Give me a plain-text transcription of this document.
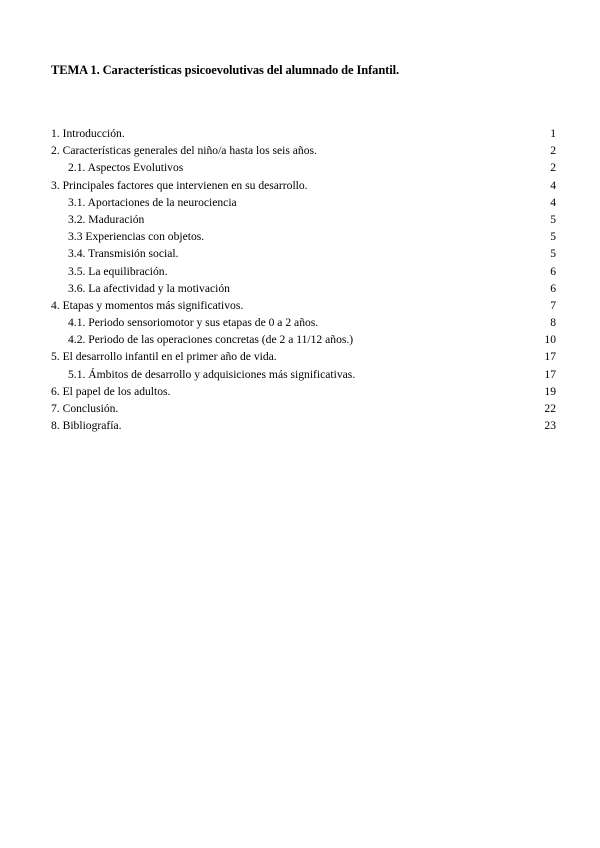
TEMA 1. Características psicoevolutivas del alumnado de Infantil.
1. Introducción.	1
2. Características generales del niño/a hasta los seis años.	2
2.1. Aspectos Evolutivos	2
3. Principales factores que intervienen en su desarrollo.	4
3.1. Aportaciones de la neurociencia	4
3.2. Maduración	5
3.3 Experiencias con objetos.	5
3.4. Transmisión social.	5
3.5. La equilibración.	6
3.6. La afectividad y la motivación	6
4. Etapas y momentos más significativos.	7
4.1. Periodo sensoriomotor y sus etapas de 0 a 2 años.	8
4.2. Periodo de las operaciones concretas (de 2 a 11/12 años.)	10
5. El desarrollo infantil en el primer año de vida.	17
5.1. Ámbitos de desarrollo y adquisiciones más significativas.	17
6. El papel de los adultos.	19
7. Conclusión.	22
8. Bibliografía.	23
